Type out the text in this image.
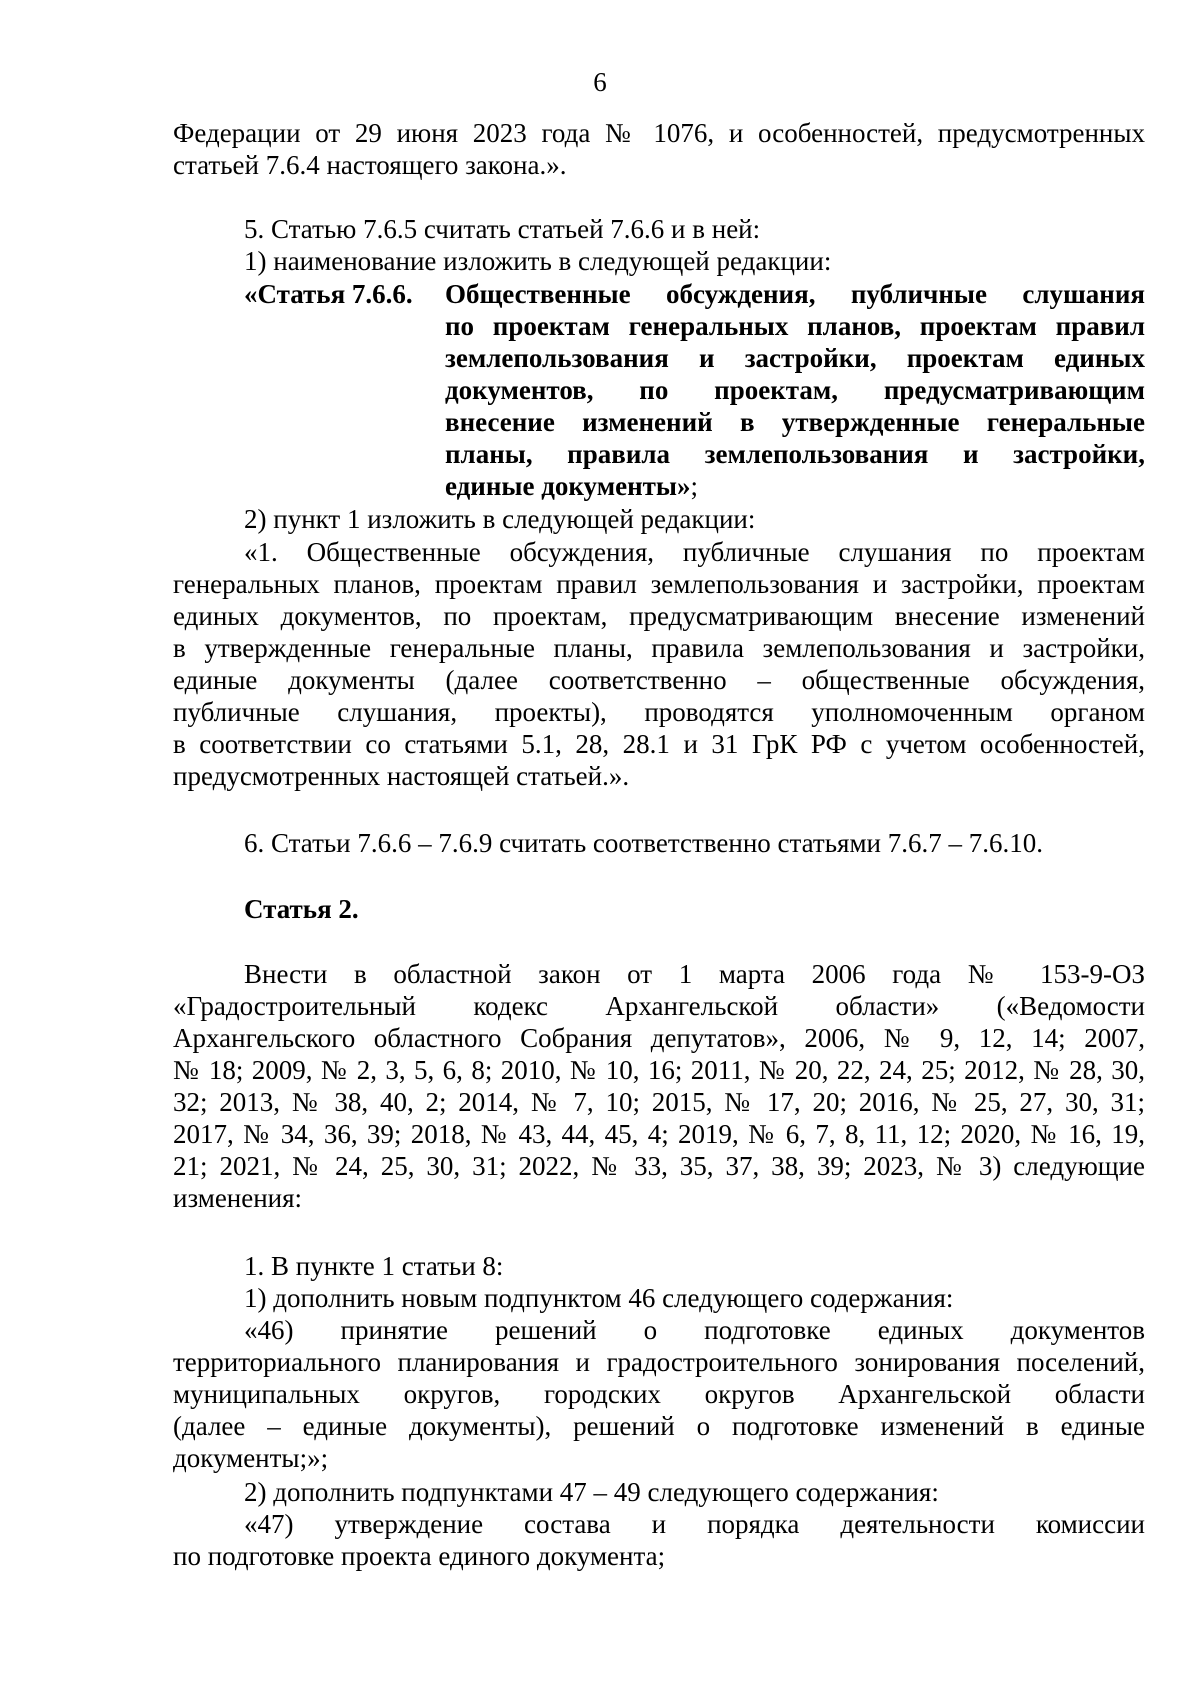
6
Федерации от 29 июня 2023 года № 1076, и особенностей, предусмотренных
статьей 7.6.4 настоящего закона.».
5. Статью 7.6.5 считать статьей 7.6.6 и в ней:
1) наименование изложить в следующей редакции:
«Статья 7.6.6. Общественные обсуждения, публичные слушания
по проектам генеральных планов, проектам правил
землепользования и застройки, проектам единых
документов, по проектам, предусматривающим
внесение изменений в утвержденные генеральные
планы, правила землепользования и застройки,
единые документы»;
2) пункт 1 изложить в следующей редакции:
«1. Общественные обсуждения, публичные слушания по проектам
генеральных планов, проектам правил землепользования и застройки, проектам
единых документов, по проектам, предусматривающим внесение изменений
в утвержденные генеральные планы, правила землепользования и застройки,
единые документы (далее соответственно – общественные обсуждения,
публичные слушания, проекты), проводятся уполномоченным органом
в соответствии со статьями 5.1, 28, 28.1 и 31 ГрК РФ с учетом особенностей,
предусмотренных настоящей статьей.».
6. Статьи 7.6.6 – 7.6.9 считать соответственно статьями 7.6.7 – 7.6.10.
Статья 2.
Внести в областной закон от 1 марта 2006 года № 153-9-ОЗ
«Градостроительный кодекс Архангельской области» («Ведомости
Архангельского областного Собрания депутатов», 2006, № 9, 12, 14; 2007,
№ 18; 2009, № 2, 3, 5, 6, 8; 2010, № 10, 16; 2011, № 20, 22, 24, 25; 2012, № 28, 30,
32; 2013, № 38, 40, 2; 2014, № 7, 10; 2015, № 17, 20; 2016, № 25, 27, 30, 31;
2017, № 34, 36, 39; 2018, № 43, 44, 45, 4; 2019, № 6, 7, 8, 11, 12; 2020, № 16, 19,
21; 2021, № 24, 25, 30, 31; 2022, № 33, 35, 37, 38, 39; 2023, № 3) следующие
изменения:
1. В пункте 1 статьи 8:
1) дополнить новым подпунктом 46 следующего содержания:
«46) принятие решений о подготовке единых документов
территориального планирования и градостроительного зонирования поселений,
муниципальных округов, городских округов Архангельской области
(далее – единые документы), решений о подготовке изменений в единые
документы;»;
2) дополнить подпунктами 47 – 49 следующего содержания:
«47) утверждение состава и порядка деятельности комиссии
по подготовке проекта единого документа;
